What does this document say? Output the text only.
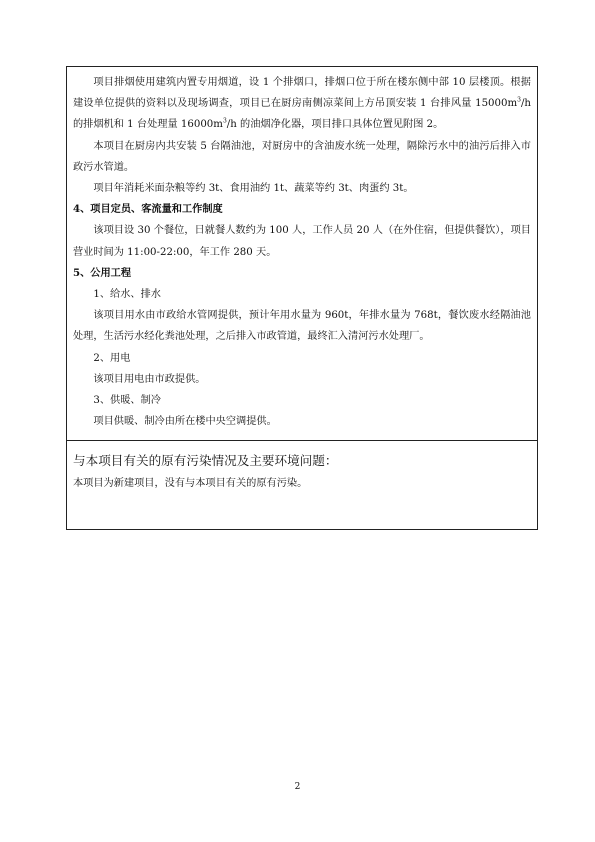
项目排烟使用建筑内置专用烟道，设 1 个排烟口，排烟口位于所在楼东侧中部 10 层楼顶。根据建设单位提供的资料以及现场调查，项目已在厨房南侧凉菜间上方吊顶安装 1 台排风量 $15000m^3/h$ 的排烟机和 1 台处理量 $16000m^3/h$ 的油烟净化器，项目排口具体位置见附图 2。

本项目在厨房内共安装 5 台隔油池，对厨房中的含油废水统一处理，隔除污水中的油污后排入市政污水管道。

项目年消耗米面杂粮等约 3t、食用油约 1t、蔬菜等约 3t、肉蛋约 3t。

4、项目定员、客流量和工作制度

该项目设 30 个餐位，日就餐人数约为 100 人，工作人员 20 人（在外住宿，但提供餐饮），项目营业时间为 11:00-22:00，年工作 280 天。

5、公用工程

1、给水、排水

该项目用水由市政给水管网提供，预计年用水量为 960t，年排水量为 768t，餐饮废水经隔油池处理，生活污水经化粪池处理，之后排入市政管道，最终汇入清河污水处理厂。

2、用电

该项目用电由市政提供。

3、供暖、制冷

项目供暖、制冷由所在楼中央空调提供。

与本项目有关的原有污染情况及主要环境问题：

本项目为新建项目，没有与本项目有关的原有污染。

2
